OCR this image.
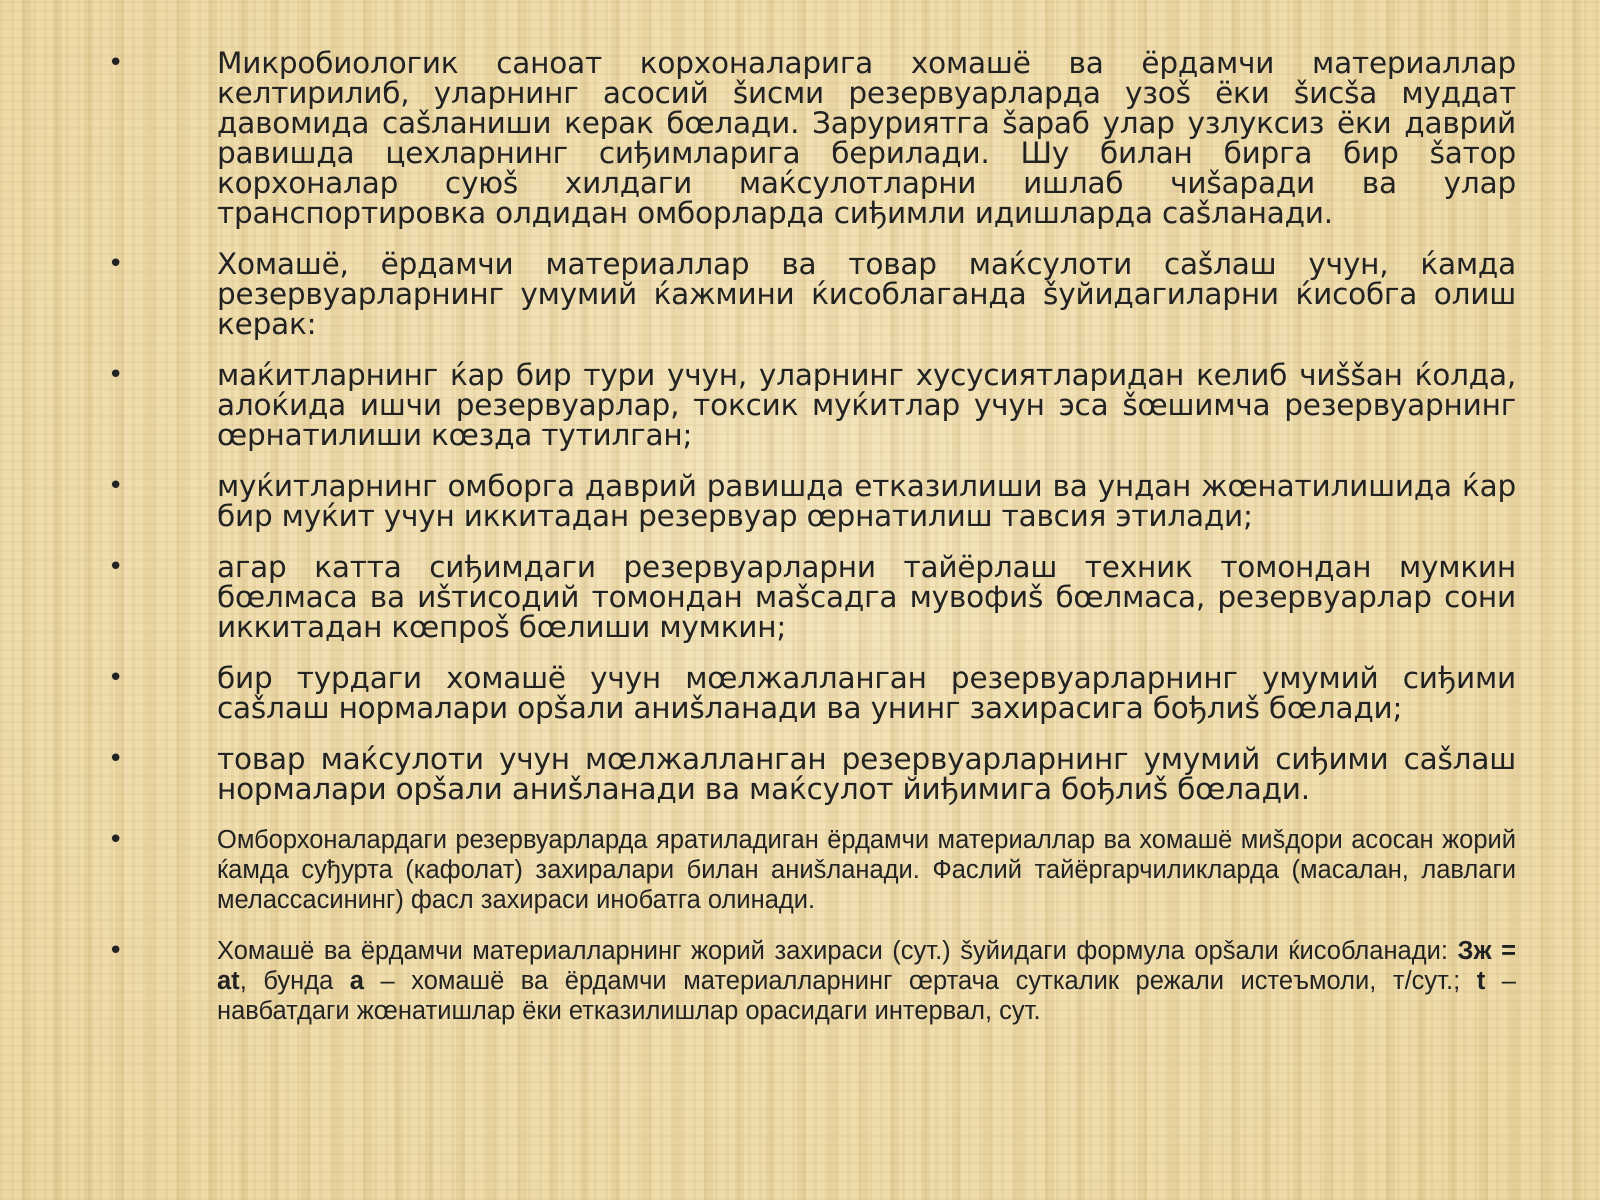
•	Микробиологик саноат корхоналарига хомашё ва ёрдамчи материаллар келтирилиб, уларнинг асосий šисми резервуарларда узоš ёки šисšа муддат давомида саšланиши керак бœлади. Заруриятга šараб улар узлуксиз ёки даврий равишда цехларнинг сиђимларига берилади. Шу билан бирга бир šатор корхоналар суюš хилдаги маќсулотларни ишлаб чиšаради ва улар транспортировка олдидан омборларда сиђимли идишларда саšланади.
•	Хомашё, ёрдамчи материаллар ва товар маќсулоти саšлаш учун, ќамда резервуарларнинг умумий ќажмини ќисоблаганда šуйидагиларни ќисобга олиш керак:
•	маќитларнинг ќар бир тури учун, уларнинг хусусиятларидан келиб чиššан ќолда, алоќида ишчи резервуарлар, токсик муќитлар учун эса šœшимча резервуарнинг œрнатилиши кœзда тутилган;
•	муќитларнинг омборга даврий равишда етказилиши ва ундан жœнатилишида ќар бир муќит учун иккитадан резервуар œрнатилиш тавсия этилади;
•	агар катта сиђимдаги резервуарларни тайёрлаш техник томондан мумкин бœлмаса ва иšтисодий томондан маšсадга мувофиš бœлмаса, резервуарлар сони иккитадан кœпроš бœлиши мумкин;
•	бир турдаги хомашё учун мœлжалланган резервуарларнинг умумий сиђими саšлаш нормалари орšали аниšланади ва унинг захирасига бођлиš бœлади;
•	товар маќсулоти учун мœлжалланган резервуарларнинг умумий сиђими саšлаш нормалари орšали аниšланади ва маќсулот йиђимига бођлиš бœлади.
•	Омборхоналардаги резервуарларда яратиладиган ёрдамчи материаллар ва хомашё миšдори асосан жорий ќамда суђурта (кафолат) захиралари билан аниšланади. Фаслий тайёргарчиликларда (масалан, лавлаги меласcасининг) фасл захираси инобатга олинади.
•	Хомашё ва ёрдамчи материалларнинг жорий захираси (сут.) šуйидаги формула орšали ќисобланади: Зж = at, бунда a – хомашё ва ёрдамчи материалларнинг œртача суткалик режали истеъмоли, т/сут.; t – навбатдаги жœнатишлар ёки етказилишлар орасидаги интервал, сут.
